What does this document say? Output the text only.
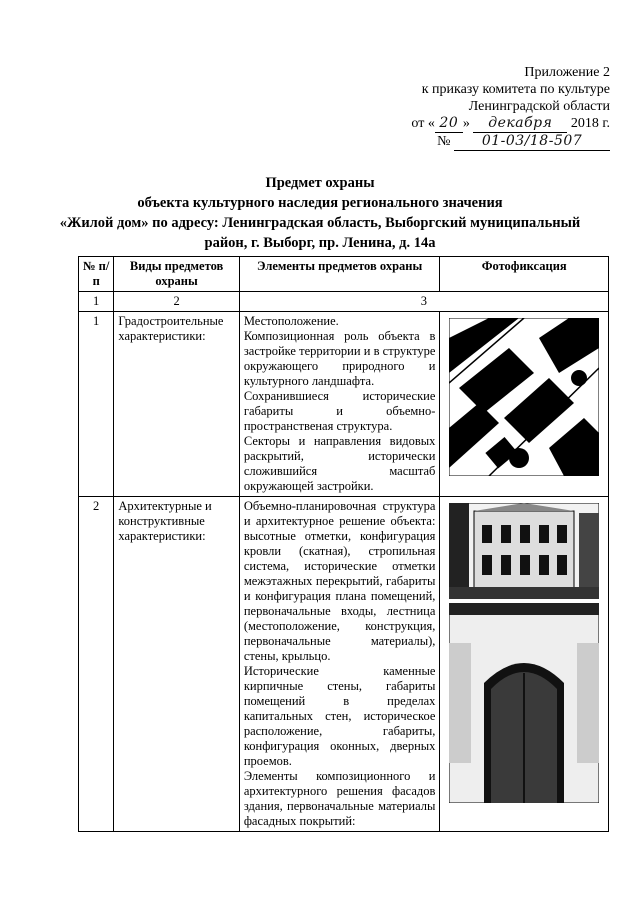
Приложение 2
к приказу комитета по культуре
Ленинградской области
от « 20 » декабря 2018 г.
№ 01-03/18-507
Предмет охраны
объекта культурного наследия регионального значения
«Жилой дом» по адресу: Ленинградская область, Выборгский муниципальный
район, г. Выборг, пр. Ленина, д. 14а
№ п/п	Виды предметов охраны	Элементы предметов охраны	Фотофиксация
1	2	3	
1	Градостроительные характеристики:	Местоположение.

Композиционная роль объекта в застройке территории и в структуре окружающего природного и культурного ландшафта.

Сохранившиеся исторические габариты и объемно-пространственая структура.

Секторы и направления видовых раскрытий, исторически сложившийся масштаб окружающей застройки.

2	Архитектурные и конструктивные характеристики:	Объемно-планировочная структура и архитектурное решение объекта: высотные отметки, конфигурация кровли (скатная), стропильная система, исторические отметки межэтажных перекрытий, габариты и конфигурация плана помещений, первоначальные входы, лестница (местоположение, конструкция, первоначальные материалы), стены, крыльцо.

Исторические каменные кирпичные стены, габариты помещений в пределах капитальных стен, историческое расположение, габариты, конфигурация оконных, дверных проемов.

Элементы композиционного и архитектурного решения фасадов здания, первоначальные материалы фасадных покрытий:
